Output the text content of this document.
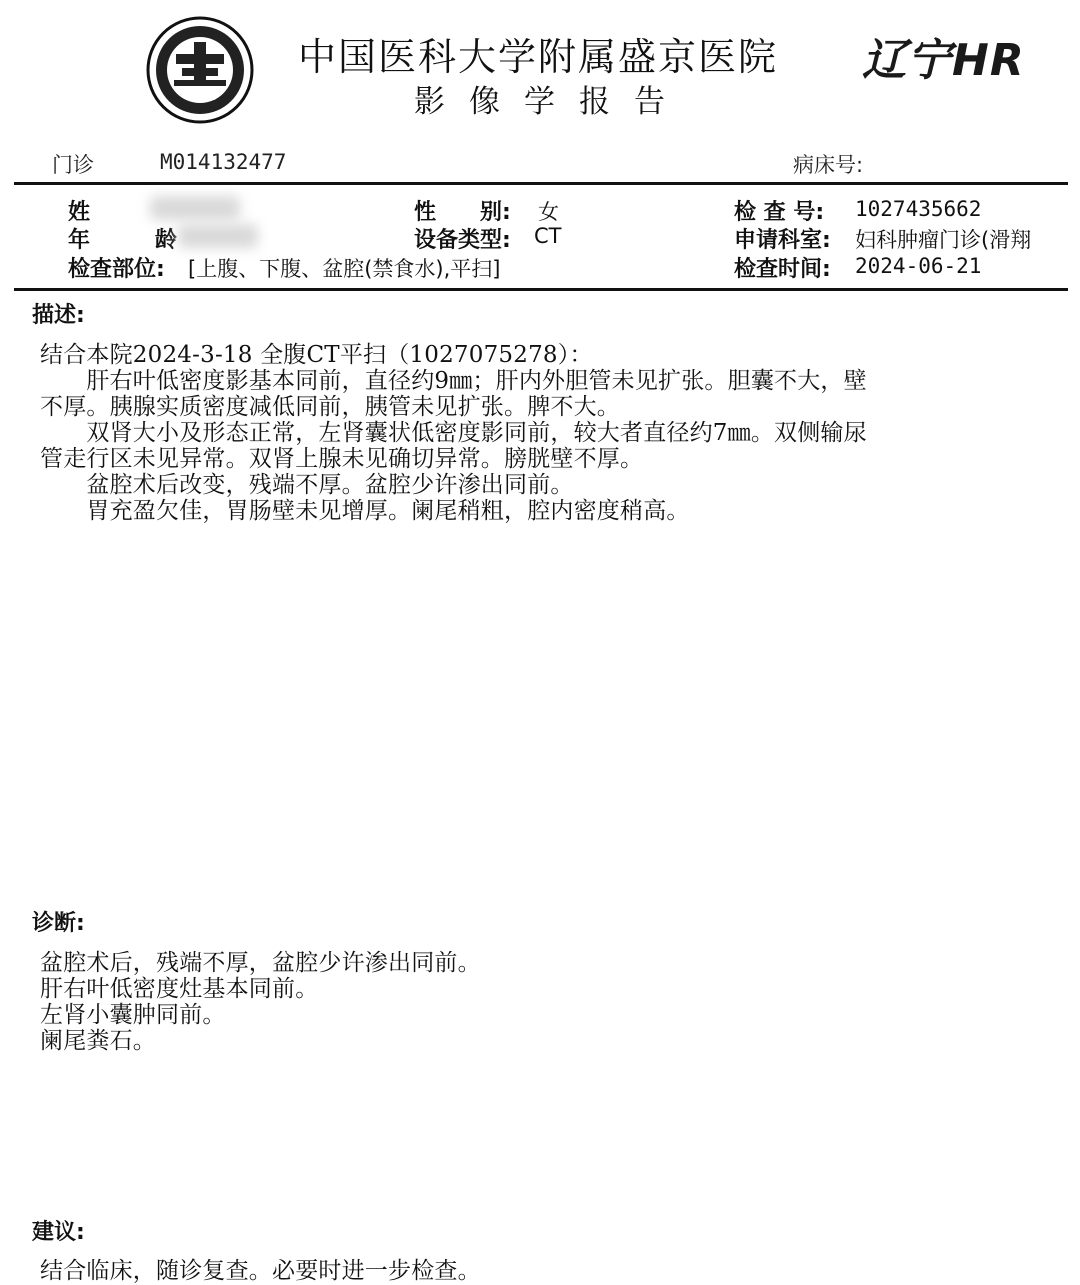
1883
中国医科大学附属盛京医院
影像学报告
辽宁HR
门诊	M014132477	病床号:
姓
年	龄
性　　别: 女
设备类型: CT
检查部位: [上腹、下腹、盆腔(禁食水),平扫]
检 查 号: 1027435662
申请科室: 妇科肿瘤门诊(滑翔
检查时间: 2024-06-21
描述:
结合本院2024-3-18 全腹CT平扫（1027075278）：
　　肝右叶低密度影基本同前，直径约9㎜；肝内外胆管未见扩张。胆囊不大，壁
不厚。胰腺实质密度减低同前，胰管未见扩张。脾不大。
　　双肾大小及形态正常，左肾囊状低密度影同前，较大者直径约7㎜。双侧输尿
管走行区未见异常。双肾上腺未见确切异常。膀胱壁不厚。
　　盆腔术后改变，残端不厚。盆腔少许渗出同前。
　　胃充盈欠佳，胃肠壁未见增厚。阑尾稍粗，腔内密度稍高。
诊断:
盆腔术后，残端不厚，盆腔少许渗出同前。
肝右叶低密度灶基本同前。
左肾小囊肿同前。
阑尾粪石。
建议:
结合临床，随诊复查。必要时进一步检查。
